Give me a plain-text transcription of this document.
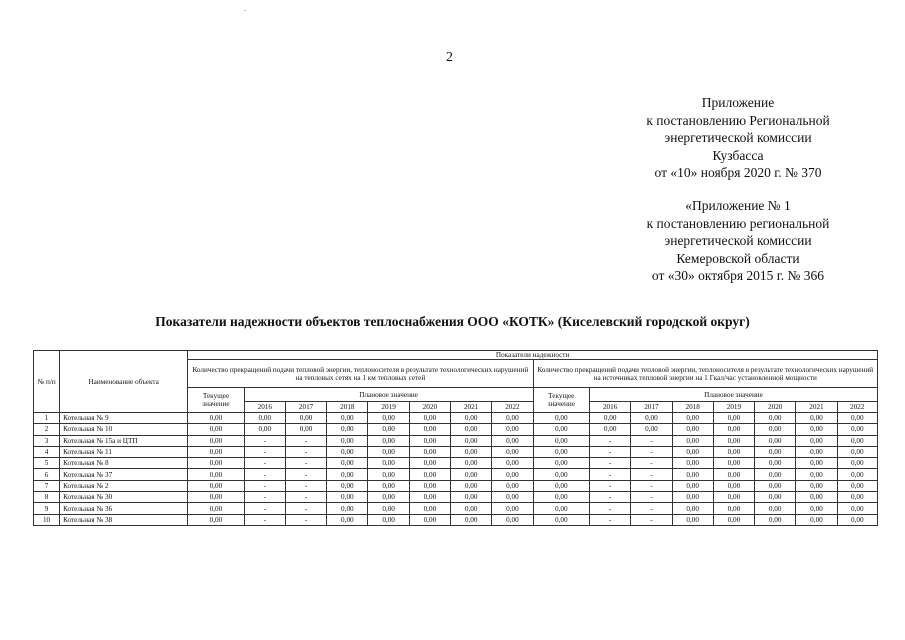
2
Приложение
к постановлению Региональной
энергетической комиссии
Кузбасса
от «10» ноября 2020 г. № 370
«Приложение № 1
к постановлению региональной
энергетической комиссии
Кемеровской области
от «30» октября 2015 г. № 366
Показатели надежности объектов теплоснабжения ООО «КОТК» (Киселевский городской округ)
№ п/п	Наименование объекта	Показатели надежности															
		Количество прекращений подачи тепловой энергии, теплоносителя в результате технологических нарушений на тепловых сетях на 1 км тепловых сетей								Количество прекращений подачи тепловой энергии, теплоносителя в результате технологических нарушений на источниках тепловой энергии на 1 Гкал/час установленной мощности							
		Текущее значение	Плановое значение							Текущее значение	Плановое значение						
			2016	2017	2018	2019	2020	2021	2022		2016	2017	2018	2019	2020	2021	2022
1	Котельная № 9	0,00	0,00	0,00	0,00	0,00	0,00	0,00	0,00	0,00	0,00	0,00	0,00	0,00	0,00	0,00	0,00
2	Котельная № 10	0,00	0,00	0,00	0,00	0,00	0,00	0,00	0,00	0,00	0,00	0,00	0,00	0,00	0,00	0,00	0,00
3	Котельная № 15а и ЦТП	0,00	-	-	0,00	0,00	0,00	0,00	0,00	0,00	-	-	0,00	0,00	0,00	0,00	0,00
4	Котельная № 11	0,00	-	-	0,00	0,00	0,00	0,00	0,00	0,00	-	-	0,00	0,00	0,00	0,00	0,00
5	Котельная № 8	0,00	-	-	0,00	0,00	0,00	0,00	0,00	0,00	-	-	0,00	0,00	0,00	0,00	0,00
6	Котельная № 37	0,00	-	-	0,00	0,00	0,00	0,00	0,00	0,00	-	-	0,00	0,00	0,00	0,00	0,00
7	Котельная № 2	0,00	-	-	0,00	0,00	0,00	0,00	0,00	0,00	-	-	0,00	0,00	0,00	0,00	0,00
8	Котельная № 30	0,00	-	-	0,00	0,00	0,00	0,00	0,00	0,00	-	-	0,00	0,00	0,00	0,00	0,00
9	Котельная № 36	0,00	-	-	0,00	0,00	0,00	0,00	0,00	0,00	-	-	0,00	0,00	0,00	0,00	0,00
10	Котельная № 38	0,00	-	-	0,00	0,00	0,00	0,00	0,00	0,00	-	-	0,00	0,00	0,00	0,00	0,00
